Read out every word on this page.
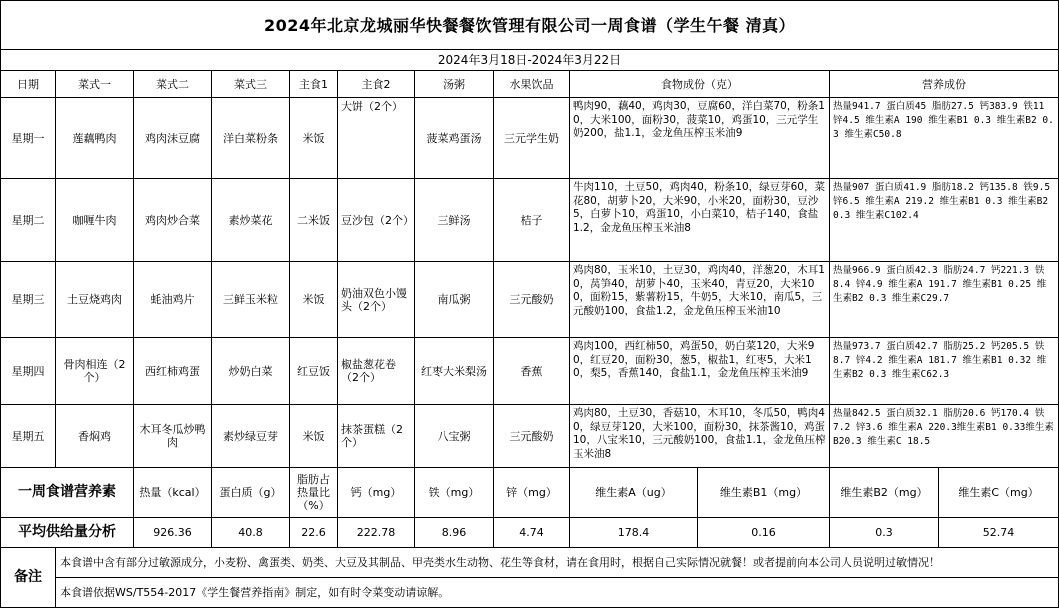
2024年北京龙城丽华快餐餐饮管理有限公司一周食谱（学生午餐 清真）											
2024年3月18日-2024年3月22日											
日期	菜式一	菜式二	菜式三	主食1	主食2	汤粥	水果饮品	食物成份（克）		营养成份	
星期一	莲藕鸭肉	鸡肉沫豆腐	洋白菜粉条	米饭	大饼（2个）	菠菜鸡蛋汤	三元学生奶	鸭肉90，藕40，鸡肉30，豆腐60，洋白菜70，粉条10，大米100，面粉30，菠菜10，鸡蛋10，三元学生奶200，盐1.1，金龙鱼压榨玉米油9		热量941.7 蛋白质45 脂肪27.5 钙383.9 铁11 锌4.5 维生素A 190 维生素B1 0.3 维生素B2 0.3 维生素C50.8	
星期二	咖喱牛肉	鸡肉炒合菜	素炒菜花	二米饭	豆沙包（2个）	三鲜汤	桔子	牛肉110，土豆50，鸡肉40，粉条10，绿豆芽60，菜花80，胡萝卜20，大米90，小米20，面粉30，豆沙5，白萝卜10，鸡蛋10，小白菜10，桔子140，食盐1.2，金龙鱼压榨玉米油8		热量907 蛋白质41.9 脂肪18.2 钙135.8 铁9.5 锌6.5 维生素A 219.2 维生素B1 0.3 维生素B2 0.3 维生素C102.4	
星期三	土豆烧鸡肉	蚝油鸡片	三鲜玉米粒	米饭	奶油双色小馒头（2个）	南瓜粥	三元酸奶	鸡肉80，玉米10，土豆30，鸡肉40，洋葱20，木耳10，莴笋40，胡萝卜40，玉米40，青豆20，大米100，面粉15，紫薯粉15，牛奶5，大米10，南瓜5，三元酸奶100，食盐1.2，金龙鱼压榨玉米油10		热量966.9 蛋白质42.3 脂肪24.7 钙221.3 铁8.4 锌4.9 维生素A 191.7 维生素B1 0.25 维生素B2 0.3 维生素C29.7	
星期四	骨肉相连（2个）	西红柿鸡蛋	炒奶白菜	红豆饭	椒盐葱花卷（2个）	红枣大米梨汤	香蕉	鸡肉100，西红柿50，鸡蛋50，奶白菜120，大米90，红豆20，面粉30，葱5，椒盐1，红枣5，大米10，梨5，香蕉140，食盐1.1，金龙鱼压榨玉米油9		热量973.7 蛋白质42.7 脂肪25.2 钙205.5 铁8.7 锌4.2 维生素A 181.7 维生素B1 0.32 维生素B2 0.3 维生素C62.3	
星期五	香焖鸡	木耳冬瓜炒鸭肉	素炒绿豆芽	米饭	抹茶蛋糕（2个）	八宝粥	三元酸奶	鸡肉80，土豆30，香菇10，木耳10，冬瓜50，鸭肉40，绿豆芽120，大米100，面粉30，抹茶酱10，鸡蛋10，八宝米10，三元酸奶100，食盐1.1，金龙鱼压榨玉米油8		热量842.5 蛋白质32.1 脂肪20.6 钙170.4 铁7.2 锌3.6 维生素A 220.3维生素B1 0.33维生素B20.3 维生素C 18.5	
一周食谱营养素		热量（kcal）	蛋白质（g）	脂肪占热量比（%）	钙（mg）	铁（mg）	锌（mg）	维生素A（ug）	维生素B1（mg）	维生素B2（mg）	维生素C（mg）
平均供给量分析		926.36	40.8	22.6	222.78	8.96	4.74	178.4	0.16	0.3	52.74
备注	本食谱中含有部分过敏源成分，小麦粉、禽蛋类、奶类、大豆及其制品、甲壳类水生动物、花生等食材，请在食用时，根据自己实际情况就餐！或者提前向本公司人员说明过敏情况！										
	本食谱依据WS/T554-2017《学生餐营养指南》制定，如有时令菜变动请谅解。										
